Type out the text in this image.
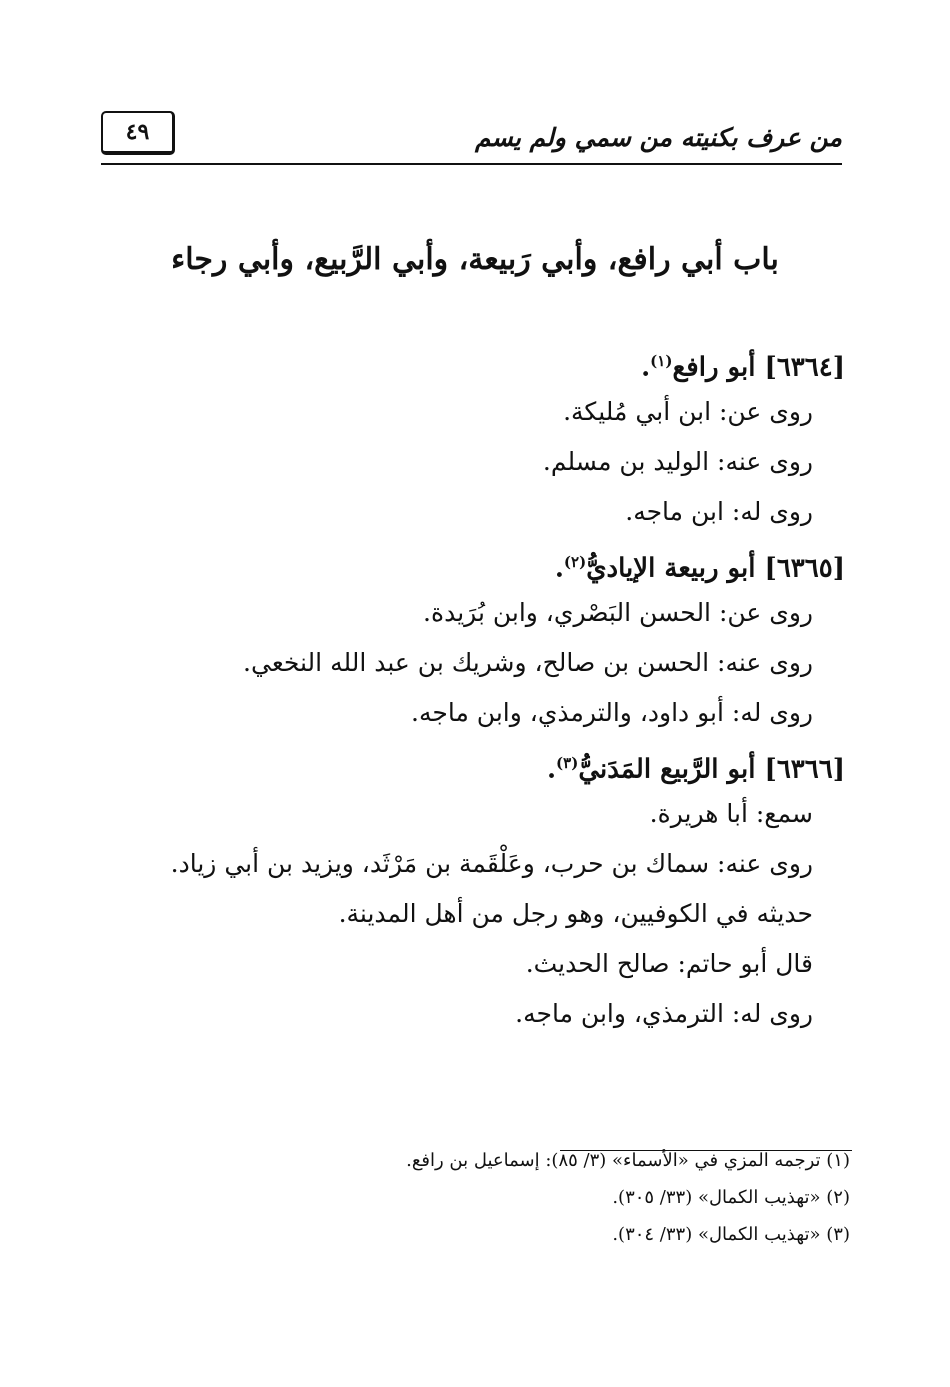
من عرف بكنيته من سمي ولم يسم
٤٩
باب أبي رافع، وأبي رَبيعة، وأبي الرَّبيع، وأبي رجاء
[٦٣٦٤] أبو رافع$^{(١)}$.
روى عن: ابن أبي مُليكة.
روى عنه: الوليد بن مسلم.
روى له: ابن ماجه.
[٦٣٦٥] أبو ربيعة الإياديُّ$^{(٢)}$.
روى عن: الحسن البَصْري، وابن بُرَيدة.
روى عنه: الحسن بن صالح، وشريك بن عبد الله النخعي.
روى له: أبو داود، والترمذي، وابن ماجه.
[٦٣٦٦] أبو الرَّبيع المَدَنيُّ$^{(٣)}$.
سمع: أبا هريرة.
روى عنه: سماك بن حرب، وعَلْقَمة بن مَرْثَد، ويزيد بن أبي زياد.
حديثه في الكوفيين، وهو رجل من أهل المدينة.
قال أبو حاتم: صالح الحديث.
روى له: الترمذي، وابن ماجه.
(١) ترجمه المزي في «الأسماء» (٣/ ٨٥): إسماعيل بن رافع.
(٢) «تهذيب الكمال» (٣٣/ ٣٠٥).
(٣) «تهذيب الكمال» (٣٣/ ٣٠٤).
